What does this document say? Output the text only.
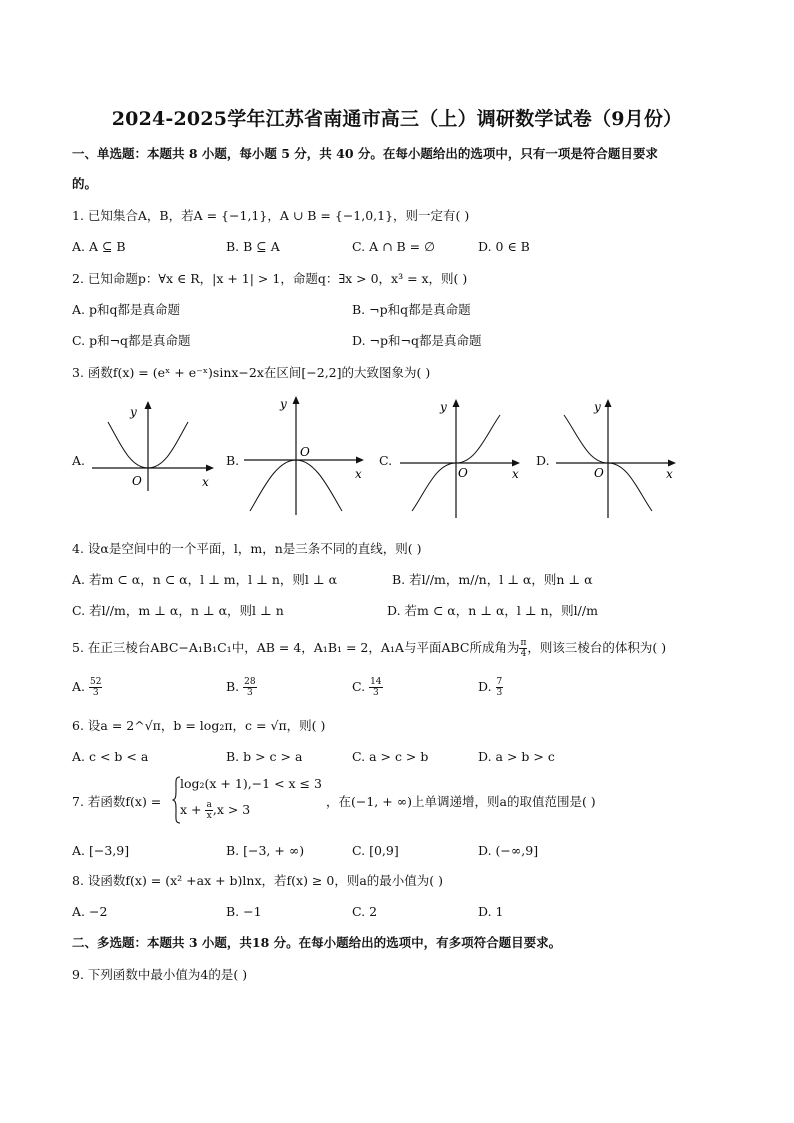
2024-2025学年江苏省南通市高三（上）调研数学试卷（9月份）
一、单选题：本题共 8 小题，每小题 5 分，共 40 分。在每小题给出的选项中，只有一项是符合题目要求
的。
1. 已知集合A，B，若A = {−1,1}，A ∪ B = {−1,0,1}，则一定有( )
A. A ⊆ B	B. B ⊆ A	C. A ∩ B = ∅	D. 0 ∈ B
2. 已知命题p：∀x ∈ R，|x + 1| > 1，命题q：∃x > 0，x³ = x，则( )
A. p和q都是真命题	B. ¬p和q都是真命题
C. p和¬q都是真命题	D. ¬p和¬q都是真命题
3. 函数f(x) = (eˣ + e⁻ˣ)sinx−2x在区间[−2,2]的大致图象为( )
A.
y
O	x
B.
y
O
x
C.
y
O	x
D.
y
O	x
4. 设α是空间中的一个平面，l，m，n是三条不同的直线，则( )
A. 若m ⊂ α，n ⊂ α，l ⊥ m，l ⊥ n，则l ⊥ α	B. 若l//m，m//n，l ⊥ α，则n ⊥ α
C. 若l//m，m ⊥ α，n ⊥ α，则l ⊥ n	D. 若m ⊂ α，n ⊥ α，l ⊥ n，则l//m
5. 在正三棱台ABC−A₁B₁C₁中，AB = 4，A₁B₁ = 2，A₁A与平面ABC所成角为 $\frac{\pi}{4}$ ，则该三棱台的体积为( )
A. $\frac{52}{3}$	B. $\frac{28}{3}$	C. $\frac{14}{3}$	D. $\frac{7}{3}$
6. 设a = 2^√π，b = log₂π，c = √π，则( )
A. c < b < a	B. b > c > a	C. a > c > b	D. a > b > c
7. 若函数f(x) =
log₂(x + 1),−1 < x ≤ 3
$x + \frac{a}{x} ,x > 3$
，在(−1, + ∞)上单调递增，则a的取值范围是( )
A. [−3,9]	B. [−3, + ∞)	C. [0,9]	D. (−∞,9]
8. 设函数f(x) = (x² +ax + b)lnx，若f(x) ≥ 0，则a的最小值为( )
A. −2	B. −1	C. 2	D. 1
二、多选题：本题共 3 小题，共18 分。在每小题给出的选项中，有多项符合题目要求。
9. 下列函数中最小值为4的是( )
